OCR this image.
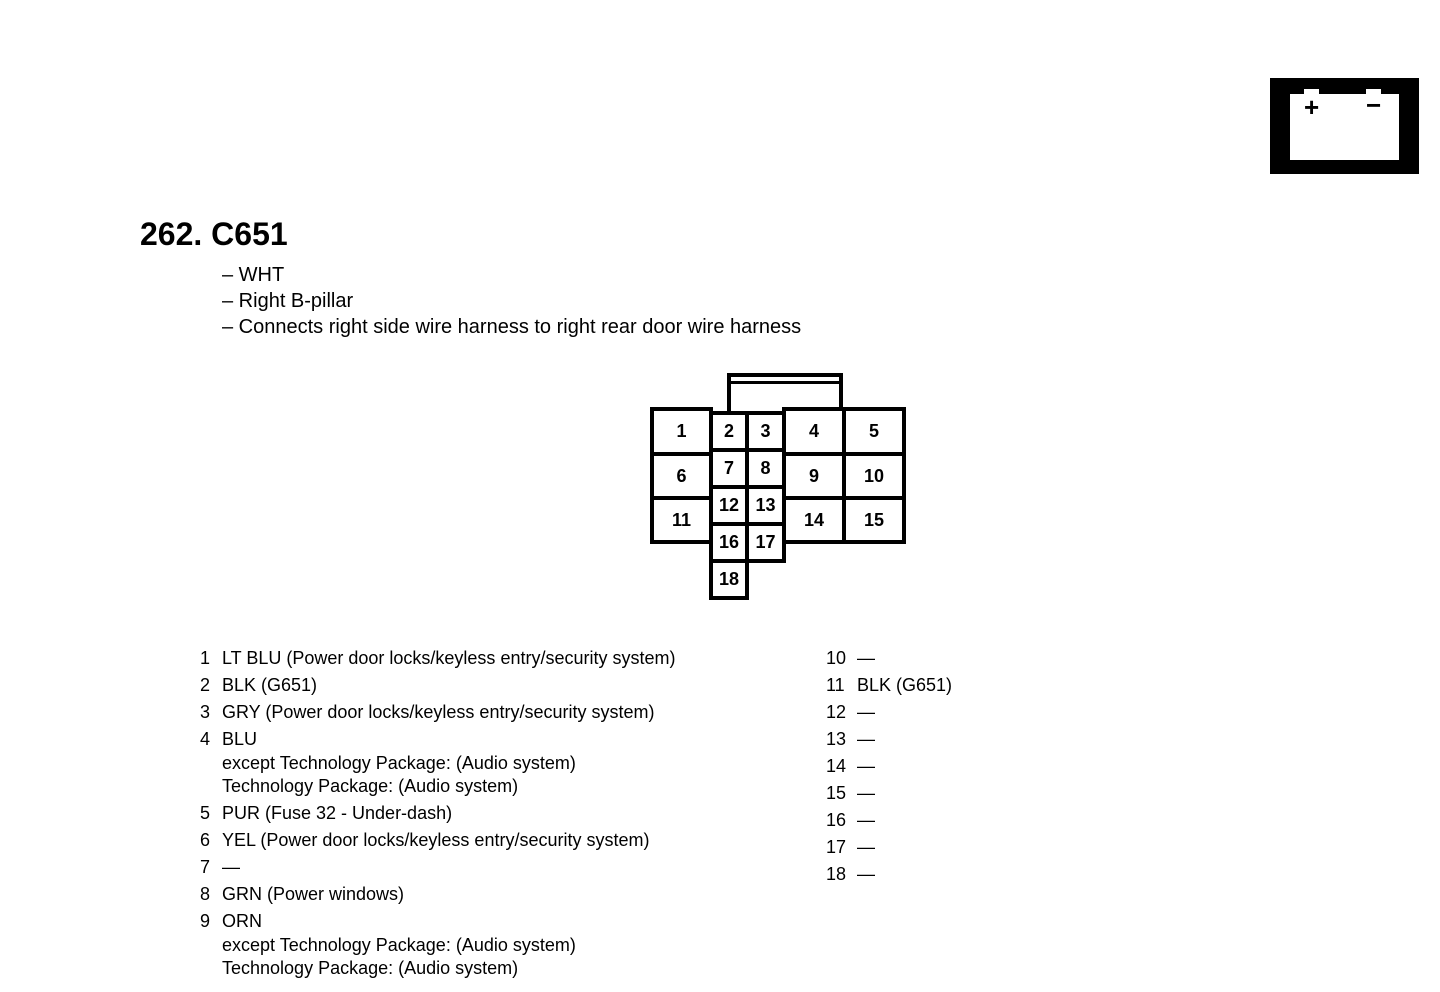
+ −
262. C651
– WHT
– Right B-pillar
– Connects right side wire harness to right rear door wire harness
1	2	3	4	5
6	7	8	9	10
11
12 13
14	15
16 17
18
1 LT BLU (Power door locks/keyless entry/security system)
2 BLK (G651)
3 GRY (Power door locks/keyless entry/security system)
4 BLU
except Technology Package: (Audio system)
Technology Package: (Audio system)
5 PUR (Fuse 32 - Under-dash)
6 YEL (Power door locks/keyless entry/security system)
7 —
8 GRN (Power windows)
9 ORN
except Technology Package: (Audio system)
Technology Package: (Audio system)
10 —
11 BLK (G651)
12 —
13 —
14 —
15 —
16 —
17 —
18 —
